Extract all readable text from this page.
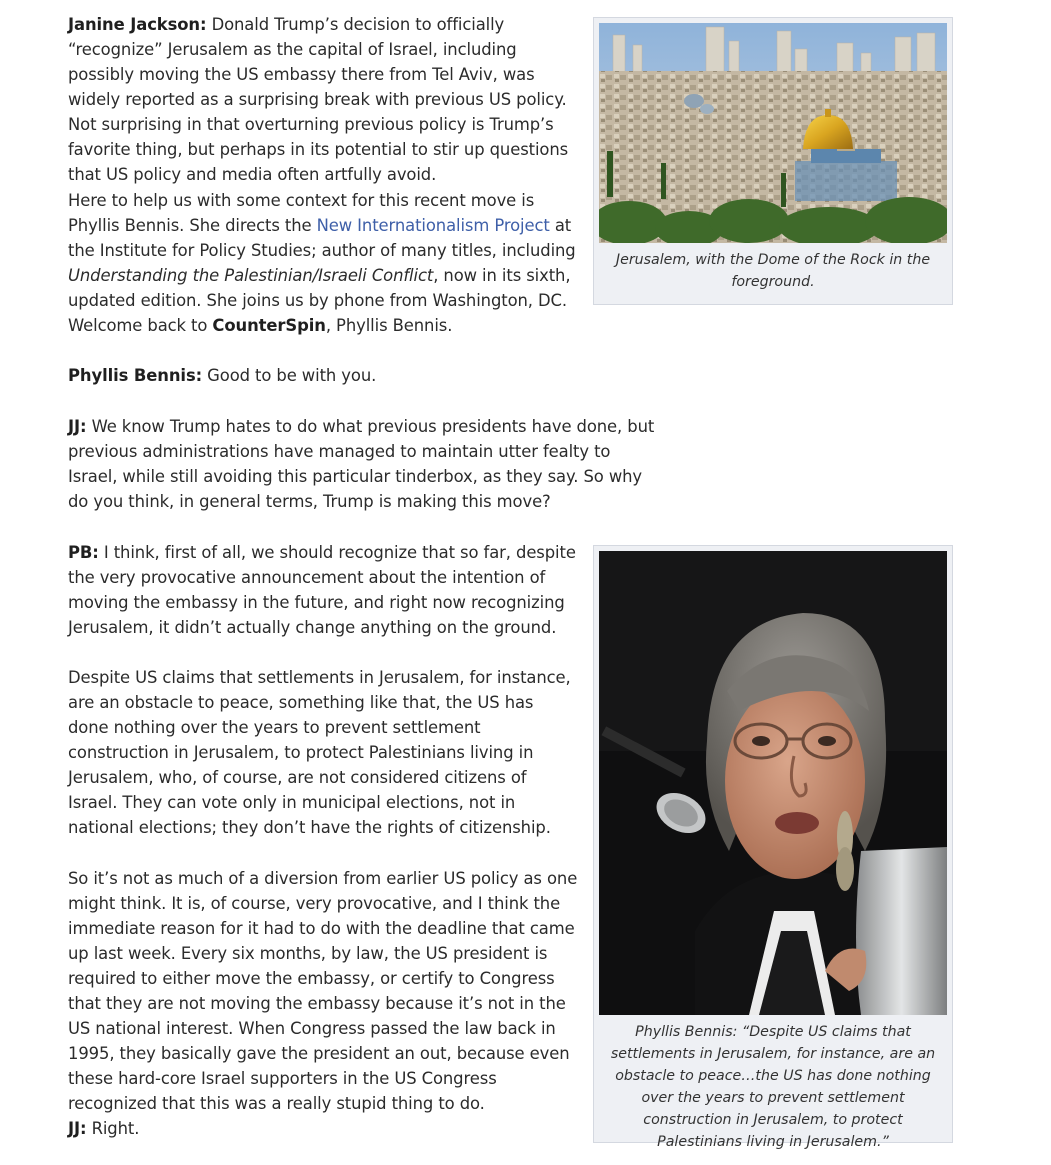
Janine Jackson: Donald Trump’s decision to officially “recognize” Jerusalem as the capital of Israel, including possibly moving the US embassy there from Tel Aviv, was widely reported as a surprising break with previous US policy. Not surprising in that overturning previous policy is Trump’s favorite thing, but perhaps in its potential to stir up questions that US policy and media often artfully avoid.

Here to help us with some context for this recent move is Phyllis Bennis. She directs the New Internationalism Project at the Institute for Policy Studies; author of many titles, including Understanding the Palestinian/Israeli Conflict, now in its sixth, updated edition. She joins us by phone from Washington, DC. Welcome back to CounterSpin, Phyllis Bennis.

Phyllis Bennis: Good to be with you.

JJ: We know Trump hates to do what previous presidents have done, but previous administrations have managed to maintain utter fealty to Israel, while still avoiding this particular tinderbox, as they say. So why do you think, in general terms, Trump is making this move?

PB: I think, first of all, we should recognize that so far, despite the very provocative announcement about the intention of moving the embassy in the future, and right now recognizing Jerusalem, it didn’t actually change anything on the ground.

Despite US claims that settlements in Jerusalem, for instance, are an obstacle to peace, something like that, the US has done nothing over the years to prevent settlement construction in Jerusalem, to protect Palestinians living in Jerusalem, who, of course, are not considered citizens of Israel. They can vote only in municipal elections, not in national elections; they don’t have the rights of citizenship.

So it’s not as much of a diversion from earlier US policy as one might think. It is, of course, very provocative, and I think the immediate reason for it had to do with the deadline that came up last week. Every six months, by law, the US president is required to either move the embassy, or certify to Congress that they are not moving the embassy because it’s not in the US national interest. When Congress passed the law back in 1995, they basically gave the president an out, because even these hard-core Israel supporters in the US Congress recognized that this was a really stupid thing to do.

JJ: Right.

Jerusalem, with the Dome of the Rock in the foreground.
Phyllis Bennis: “Despite US claims that settlements in Jerusalem, for instance, are an obstacle to peace…the US has done nothing over the years to prevent settlement construction in Jerusalem, to protect Palestinians living in Jerusalem.”
